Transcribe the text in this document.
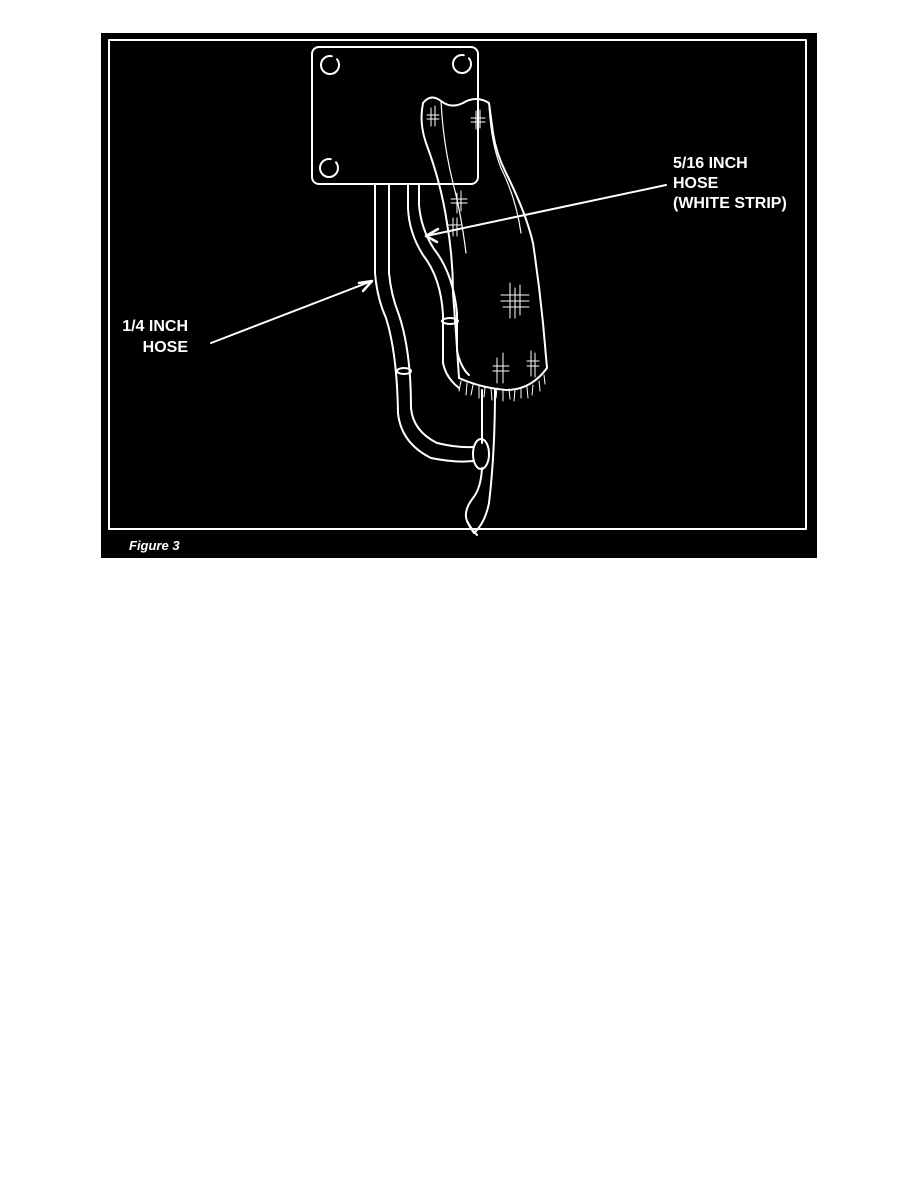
5/16 INCH
HOSE
(WHITE STRIP)
1/4 INCH
HOSE
Figure 3
